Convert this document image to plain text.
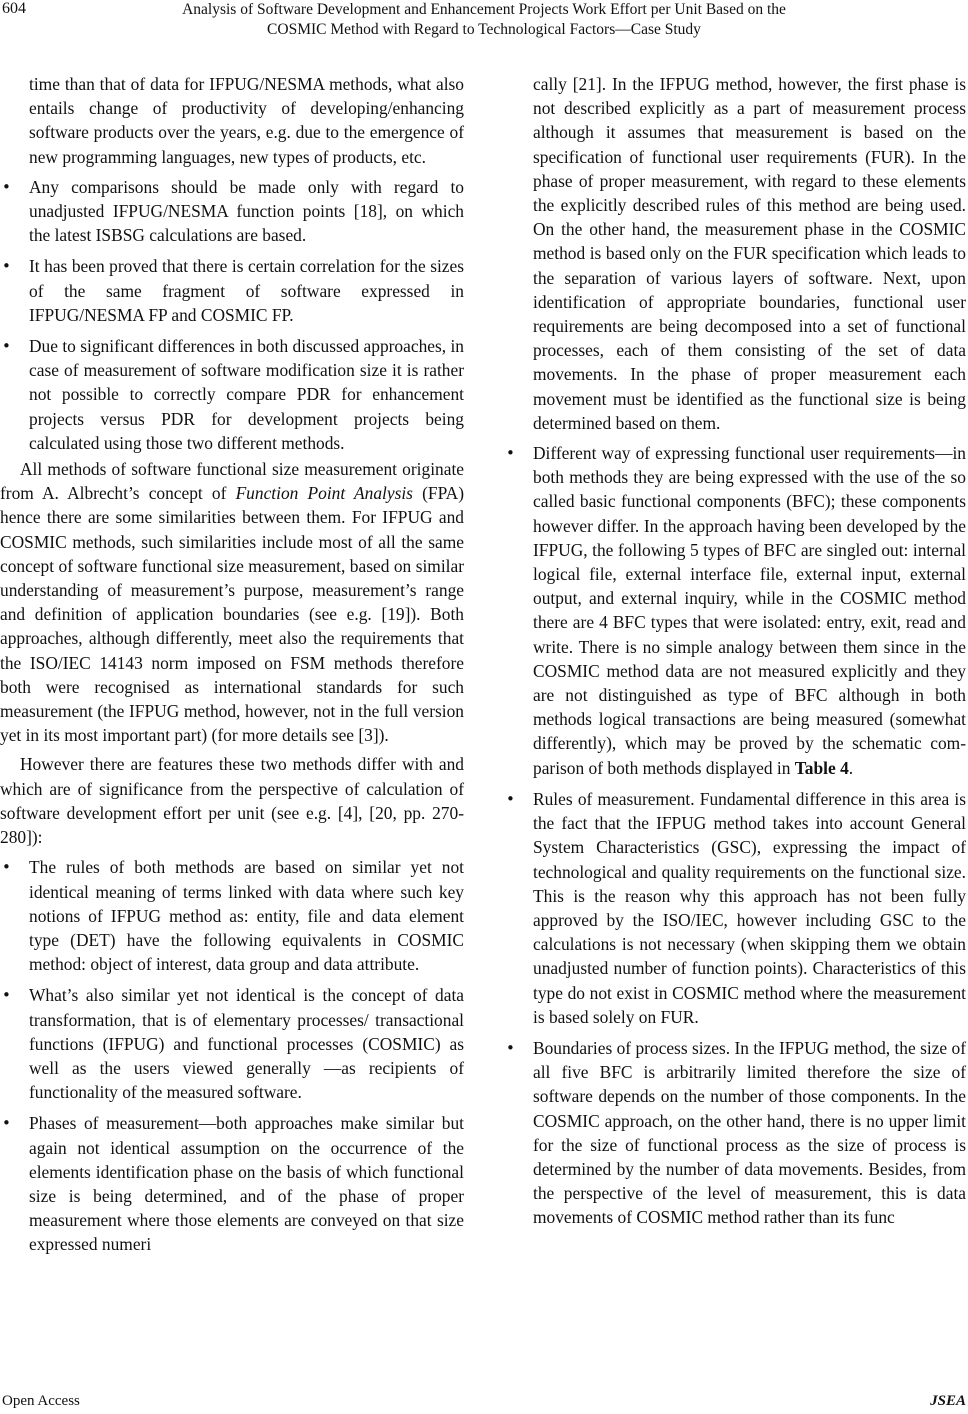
604	Analysis of Software Development and Enhancement Projects Work Effort per Unit Based on the
COSMIC Method with Regard to Technological Factors—Case Study

time than that of data for IFPUG/NESMA methods, what also entails change of productivity of developing/enhancing software products over the years, e.g. due to the emergence of new programming languages, new types of products, etc.

• Any comparisons should be made only with regard to unadjusted IFPUG/NESMA function points [18], on which the latest ISBSG calculations are based.
• It has been proved that there is certain correlation for the sizes of the same fragment of software expressed in IFPUG/NESMA FP and COSMIC FP.
• Due to significant differences in both discussed approaches, in case of measurement of software modification size it is rather not possible to correctly compare PDR for enhancement projects versus PDR for development projects being calculated using those two different methods.

All methods of software functional size measurement originate from A. Albrecht’s concept of Function Point Analysis (FPA) hence there are some similarities between them. For IFPUG and COSMIC methods, such similarities include most of all the same concept of software functional size measurement, based on similar understanding of measurement’s purpose, measurement’s range and definition of application boundaries (see e.g. [19]). Both approaches, although differently, meet also the requirements that the ISO/IEC 14143 norm imposed on FSM methods therefore both were recognised as international standards for such measurement (the IFPUG method, however, not in the full version yet in its most important part) (for more details see [3]).

However there are features these two methods differ with and which are of significance from the perspective of calculation of software development effort per unit (see e.g. [4], [20, pp. 270-280]):

• The rules of both methods are based on similar yet not identical meaning of terms linked with data where such key notions of IFPUG method as: entity, file and data element type (DET) have the following equivalents in COSMIC method: object of interest, data group and data attribute.
• What’s also similar yet not identical is the concept of data transformation, that is of elementary processes/ transactional functions (IFPUG) and functional processes (COSMIC) as well as the users viewed generally —as recipients of functionality of the measured software.
• Phases of measurement—both approaches make similar but again not identical assumption on the occurrence of the elements identification phase on the basis of which functional size is being determined, and of the phase of proper measurement where those elements are conveyed on that size expressed numeri

cally [21]. In the IFPUG method, however, the first phase is not described explicitly as a part of measurement process although it assumes that measurement is based on the specification of functional user requirements (FUR). In the phase of proper measurement, with regard to these elements the explicitly described rules of this method are being used. On the other hand, the measurement phase in the COSMIC method is based only on the FUR specification which leads to the separation of various layers of software. Next, upon identification of appropriate boundaries, functional user requirements are being decomposed into a set of functional processes, each of them consisting of the set of data movements. In the phase of proper measurement each movement must be identified as the functional size is being determined based on them.

• Different way of expressing functional user requirements—in both methods they are being expressed with the use of the so called basic functional components (BFC); these components however differ. In the approach having been developed by the IFPUG, the following 5 types of BFC are singled out: internal logical file, external interface file, external input, external output, and external inquiry, while in the COSMIC method there are 4 BFC types that were isolated: entry, exit, read and write. There is no simple analogy between them since in the COSMIC method data are not measured explicitly and they are not distinguished as type of BFC although in both methods logical transactions are being measured (somewhat differently), which may be proved by the schematic comparison of both methods displayed in Table 4.
• Rules of measurement. Fundamental difference in this area is the fact that the IFPUG method takes into account General System Characteristics (GSC), expressing the impact of technological and quality requirements on the functional size. This is the reason why this approach has not been fully approved by the ISO/IEC, however including GSC to the calculations is not necessary (when skipping them we obtain unadjusted number of function points). Characteristics of this type do not exist in COSMIC method where the measurement is based solely on FUR.
• Boundaries of process sizes. In the IFPUG method, the size of all five BFC is arbitrarily limited therefore the size of software depends on the number of those components. In the COSMIC approach, on the other hand, there is no upper limit for the size of functional process as the size of process is determined by the number of data movements. Besides, from the perspective of the level of measurement, this is data movements of COSMIC method rather than its func
Open Access	JSEA
